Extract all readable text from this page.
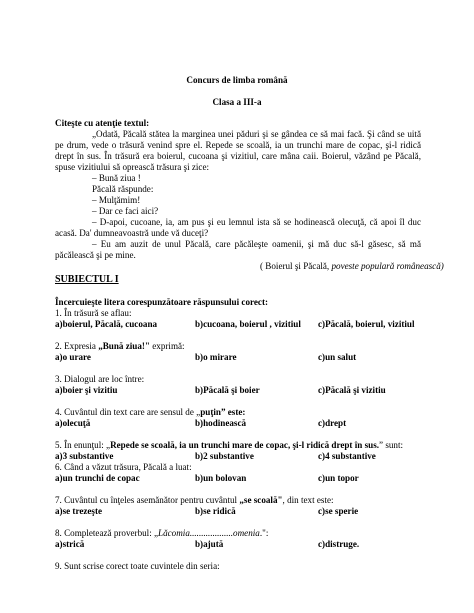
Concurs de limba română
Clasa a III-a
Citeşte cu atenţie textul:
„Odată, Păcală stătea la marginea unei păduri şi se gândea ce să mai facă. Şi când se uită pe drum, vede o trăsură venind spre el. Repede se scoală, ia un trunchi mare de copac, şi-l ridică drept în sus. În trăsură era boierul, cucoana şi vizitiul, care mâna caii. Boierul, văzând pe Păcală, spuse vizitiului să oprească trăsura şi zice:
– Bună ziua !
Păcală răspunde:
– Mulţămim!
– Dar ce faci aici?
– D-apoi, cucoane, ia, am pus şi eu lemnul ista să se hodinească olecuţă, că apoi îl duc acasă. Da' dumneavoastră unde vă duceţi?
– Eu am auzit de unul Păcală, care păcăleşte oamenii, şi mă duc să-l găsesc, să mă păcălească şi pe mine.
( Boierul şi Păcală, poveste populară românească)
SUBIECTUL I
Încercuieşte litera corespunzătoare răspunsului corect:
1. În trăsură se aflau:
a)boierul, Păcală, cucoana	b)cucoana, boierul , vizitiul c)Păcală, boierul, vizitiul
2. Expresia „Bună ziua!" exprimă:
a)o urare	b)o mirare	c)un salut
3. Dialogul are loc între:
a)boier şi vizitiu	b)Păcală şi boier	c)Păcală şi vizitiu
4. Cuvântul din text care are sensul de „puţin” este:
a)olecuţă	b)hodinească	c)drept
5. În enunţul: „Repede se scoală, ia un trunchi mare de copac, şi-l ridică drept în sus.” sunt:
a)3 substantive	b)2 substantive	c)4 substantive
6. Când a văzut trăsura, Păcală a luat:
a)un trunchi de copac	b)un bolovan	c)un topor
7. Cuvântul cu înţeles asemănător pentru cuvântul „se scoală", din text este:
a)se trezeşte	b)se ridică	c)se sperie
8. Completează proverbul: „Lăcomia...................omenia.":
a)strică	b)ajută	c)distruge.
9. Sunt scrise corect toate cuvintele din seria:
